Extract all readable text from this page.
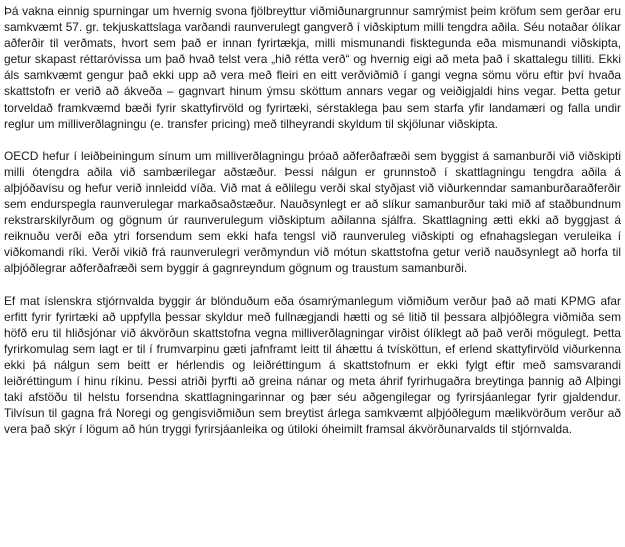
Þá vakna einnig spurningar um hvernig svona fjölbreyttur viðmiðunargrunnur samrýmist þeim kröfum sem gerðar eru samkvæmt 57. gr. tekjuskattslaga varðandi raunverulegt gangverð í viðskiptum milli tengdra aðila. Séu notaðar ólíkar aðferðir til verðmats, hvort sem það er innan fyrirtækja, milli mismunandi fisktegunda eða mismunandi viðskipta, getur skapast réttaróvissa um það hvað telst vera „hið rétta verð“ og hvernig eigi að meta það í skattalegu tilliti. Ekki áls samkvæmt gengur það ekki upp að vera með fleiri en eitt verðviðmið í gangi vegna sömu vöru eftir því hvaða skattstofn er verið að ákveða – gagnvart hinum ýmsu sköttum annars vegar og veiðigjaldi hins vegar. Þetta getur torveldað framkvæmd bæði fyrir skattyfirvöld og fyrirtæki, sérstaklega þau sem starfa yfir landamæri og falla undir reglur um milliverðlagningu (e. transfer pricing) með tilheyrandi skyldum til skjölunar viðskipta.

OECD hefur í leiðbeiningum sínum um milliverðlagningu þróað aðferðafræði sem byggist á samanburði við viðskipti milli ótengdra aðila við sambærilegar aðstæður. Þessi nálgun er grunnstoð í skattlagningu tengdra aðila á alþjóðavísu og hefur verið innleidd víða. Við mat á eðlilegu verði skal styðjast við viðurkenndar samanburðaraðferðir sem endurspegla raunverulegar markaðsaðstæður. Nauðsynlegt er að slíkur samanburður taki mið af staðbundnum rekstrarskilyrðum og gögnum úr raunverulegum viðskiptum aðilanna sjálfra. Skattlagning ætti ekki að byggjast á reiknuðu verði eða ytri forsendum sem ekki hafa tengsl við raunveruleg viðskipti og efnahagslegan veruleika í viðkomandi ríki. Verði vikið frá raunverulegri verðmyndun við mótun skattstofna getur verið nauðsynlegt að horfa til alþjóðlegrar aðferðafræði sem byggir á gagnreyndum gögnum og traustum samanburði.

Ef mat íslenskra stjórnvalda byggir ár blönduðum eða ósamrýmanlegum viðmiðum verður það að mati KPMG afar erfitt fyrir fyrirtæki að uppfylla þessar skyldur með fullnægjandi hætti og sé litið til þessara alþjóðlegra viðmiða sem höfð eru til hliðsjónar við ákvörðun skattstofna vegna milliverðlagningar virðist ólíklegt að það verði mögulegt. Þetta fyrirkomulag sem lagt er til í frumvarpinu gæti jafnframt leitt til áhættu á tvísköttun, ef erlend skattyfirvöld viðurkenna ekki þá nálgun sem beitt er hérlendis og leiðréttingum á skattstofnum er ekki fylgt eftir með samsvarandi leiðréttingum í hinu ríkinu. Þessi atriði þyrfti að greina nánar og meta áhrif fyrirhugaðra breytinga þannig að Alþingi taki afstöðu til helstu forsendna skattlagningarinnar og þær séu aðgengilegar og fyrirsjáanlegar fyrir gjaldendur. Tilvísun til gagna frá Noregi og gengisviðmiðun sem breytist árlega samkvæmt alþjóðlegum mælikvörðum verður að vera það skýr í lögum að hún tryggi fyrirsjáanleika og útiloki óheimilt framsal ákvörðunarvalds til stjórnvalda.
